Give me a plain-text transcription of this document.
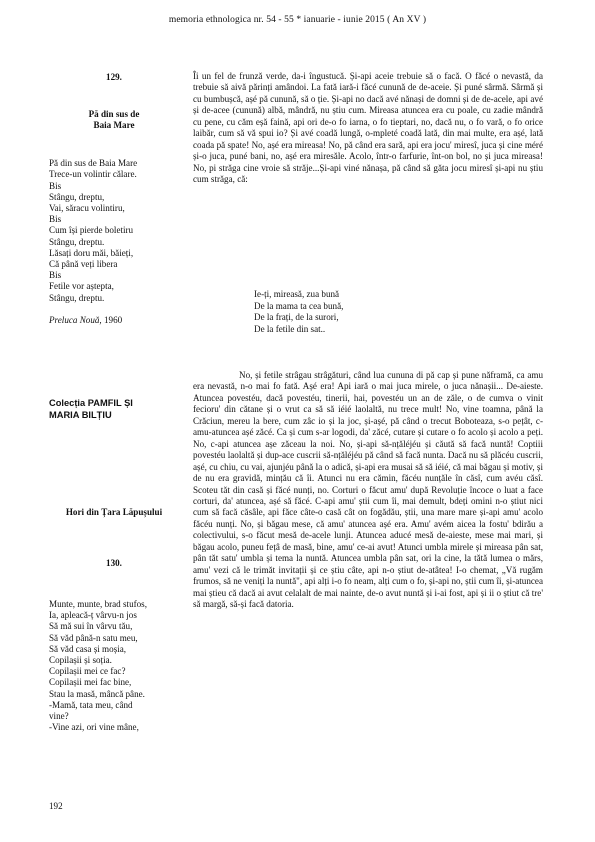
memoria ethnologica nr. 54 - 55 * ianuarie - iunie 2015 ( An XV )
129.
Pă din sus de
Baia Mare
Pă din sus de Baia Mare
Trece-un volintir călare.
Bis
Stângu, dreptu,
Vai, săracu volintiru,
Bis
Cum își pierde boletiru
Stângu, dreptu.
Lăsați doru măi, băieți,
Că până veți libera
Bis
Fetile vor aștepta,
Stângu, dreptu.
Preluca Nouă, 1960
Colecția PAMFIL ȘI
MARIA BILȚIU
Hori din Țara Lăpușului
130.
Munte, munte, brad stufos,
Ia, apleacă-ț vârvu-n jos
Să mă sui în vârvu tău,
Să văd până-n satu meu,
Să văd casa și moșia,
Copilașii și soția.
Copilașii mei ce fac?
Copilașii mei fac bine,
Stau la masă, mâncă pâne.
-Mamă, tata meu, când
vine?
-Vine azi, ori vine mâne,

Îi un fel de frunză verde, da-i îngustucă. Și-api aceie trebuie să o facă. O făcé o nevastă, da trebuie să aivă părinți amândoi. La fată iară-i făcé cunună de de-aceie. Și puné sârmă. Sârmă și cu bumbușcă, așé pă cunună, să o ție. Și-api no dacă avé nănași de domni și de de-acele, api avé și de-acee (cunună) albă, mândră, nu știu cum. Mireasa atuncea era cu poale, cu zadie mândră cu pene, cu căm eșă faină, api ori de-o fo iarna, o fo tieptari, no, dacă nu, o fo vară, o fo orice laibăr, cum să vă spui io? Și avé coadă lungă, o-mpleté coadă lată, din mai multe, era așé, lată coada pă spate! No, așé era mireasa! No, pă când era sară, api era jocu' miresî, juca și cine méré și-o juca, puné bani, no, așé era miresăle. Acolo, într-o farfurie, înt-on bol, no și juca mireasa! No, pi străga cine vroie să străje...Și-api viné nănașa, pă când să găta jocu miresî și-api nu știu cum străga, că:

Ie-ți, mireasă, zua bună
De la mama ta cea bună,
De la frați, de la surori,
De la fetile din sat..

No, și fetile strâgau strâgături, când lua cununa di pă cap și pune năframă, ca amu era nevastă, n-o mai fo fată. Așé era! Api iară o mai juca mirele, o juca nănașii... De-aieste. Atuncea povestéu, dacă povestéu, tinerii, hai, povestéu un an de zăle, o de cumva o vinit fecioru' din cătane și o vrut ca să să iéié laolaltă, nu trece mult! No, vine toamna, până la Crăciun, mereu la bere, cum zâc io și la joc, și-așé, pă când o trecut Boboteaza, s-o pețât, c-amu-atuncea așé zăcé. Ca și cum s-ar logodi, da' zăcé, cutare și cutare o fo acolo și acolo a peți. No, c-api atuncea așe zăceau la noi. No, și-api să-nțăléjéu și căută să facă nuntă! Coptiii povestéu laolaltă și dup-ace cuscrii să-nțăléjéu pă când să facă nunta. Dacă nu să plăcéu cuscrii, așé, cu chiu, cu vai, ajunjéu până la o adică, și-api era musai să să iéié, că mai băgau și motiv, și de nu era gravidă, mințău că îi. Atunci nu era cămin, făcéu nunțăle în căsî, cum avéu căsî. Scoteu tăt din casă și făcé nunți, no. Corturi o făcut amu' după Revoluție încoce o luat a face corturi, da' atuncea, așé să făcé. C-api amu' știi cum îi, mai demult, bdeți omini n-o știut nici cum să facă căsâle, api făce câte-o casă cât on fogădău, știi, una mare mare și-api amu' acolo făcéu nunți. No, și băgau mese, că amu' atuncea așé era. Amu' avém aicea la fostu' bdirău a colectivului, s-o făcut mesă de-acele lunji. Atuncea aducé mesă de-aieste, mese mai mari, și băgau acolo, puneu fețâ de masă, bine, amu' ce-ai avut! Atunci umbla mirele și mireasa pân sat, pân tăt satu' umbla și tema la nuntă. Atuncea umbla pân sat, ori la cine, la tătă lumea o mărs, amu' vezi că le trimăt invitații și ce știu câte, api n-o știut de-atâtea! I-o chemat, „Vă rugăm frumos, să ne veniți la nuntă", api alți i-o fo neam, alți cum o fo, și-api no, știi cum îi, și-atuncea mai știeu că dacă ai avut celalalt de mai nainte, de-o avut nuntă și i-ai fost, api și ii o știut că tre' să margă, să-și facă datoria.

192
